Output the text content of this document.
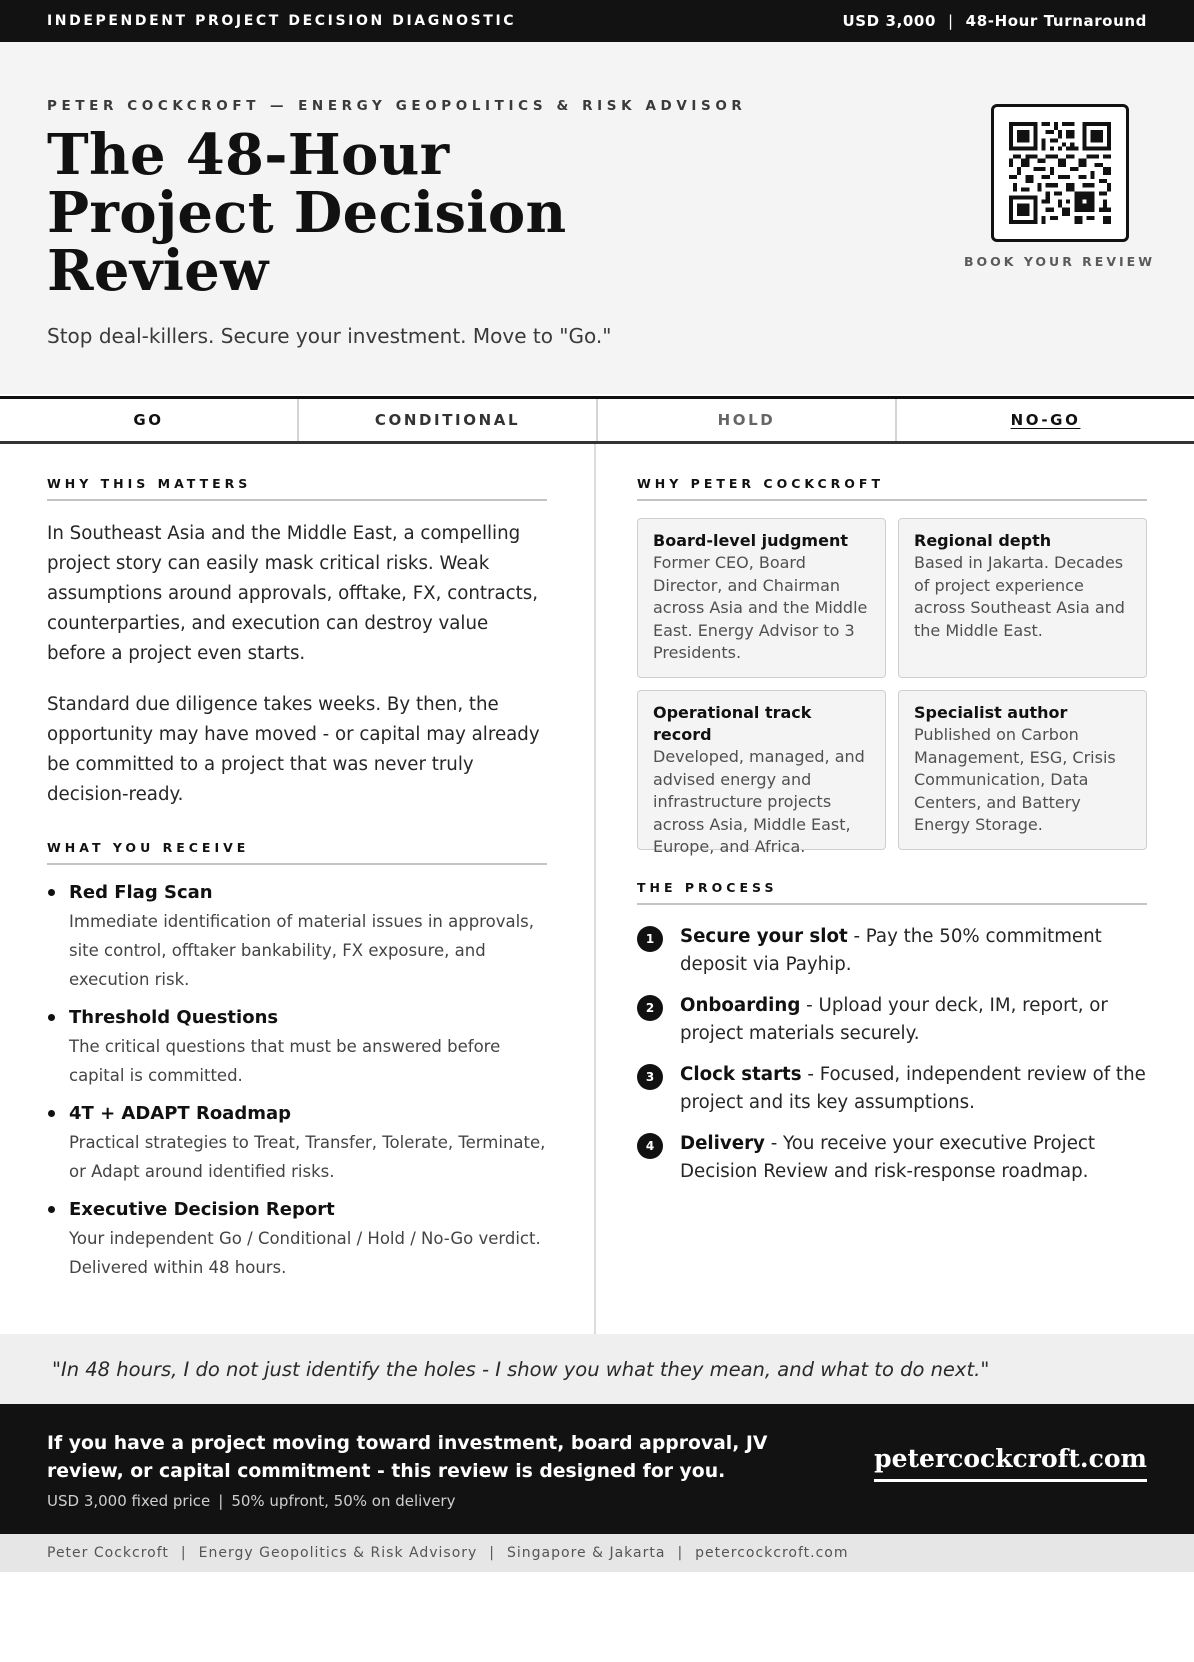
INDEPENDENT PROJECT DECISION DIAGNOSTIC	USD 3,000 | 48-Hour Turnaround
PETER COCKCROFT — ENERGY GEOPOLITICS & RISK ADVISOR
The 48-Hour
Project Decision
Review
Stop deal-killers. Secure your investment. Move to "Go."
BOOK YOUR REVIEW
GO	CONDITIONAL	HOLD	NO-GO
WHY THIS MATTERS

In Southeast Asia and the Middle East, a compelling project story can easily mask critical risks. Weak assumptions around approvals, offtake, FX, contracts, counterparties, and execution can destroy value before a project even starts.

Standard due diligence takes weeks. By then, the opportunity may have moved - or capital may already be committed to a project that was never truly decision-ready.

WHAT YOU RECEIVE
Red Flag Scan
Immediate identification of material issues in approvals, site control, offtaker bankability, FX exposure, and execution risk.
Threshold Questions
The critical questions that must be answered before capital is committed.
4T + ADAPT Roadmap
Practical strategies to Treat, Transfer, Tolerate, Terminate, or Adapt around identified risks.
Executive Decision Report
Your independent Go / Conditional / Hold / No-Go verdict. Delivered within 48 hours.
WHY PETER COCKCROFT
Board-level judgment
Former CEO, Board Director, and Chairman across Asia and the Middle East. Energy Advisor to 3 Presidents.
Regional depth
Based in Jakarta. Decades of project experience across Southeast Asia and the Middle East.
Operational track record
Developed, managed, and advised energy and infrastructure projects across Asia, Middle East, Europe, and Africa.
Specialist author
Published on Carbon Management, ESG, Crisis Communication, Data Centers, and Battery Energy Storage.
THE PROCESS
1	Secure your slot - Pay the 50% commitment deposit via Payhip.
2	Onboarding - Upload your deck, IM, report, or project materials securely.
3	Clock starts - Focused, independent review of the project and its key assumptions.
4	Delivery - You receive your executive Project Decision Review and risk-response roadmap.
"In 48 hours, I do not just identify the holes - I show you what they mean, and what to do next."
If you have a project moving toward investment, board approval, JV review, or capital commitment - this review is designed for you.
USD 3,000 fixed price | 50% upfront, 50% on delivery
petercockcroft.com
Peter Cockcroft | Energy Geopolitics & Risk Advisory | Singapore & Jakarta | petercockcroft.com
